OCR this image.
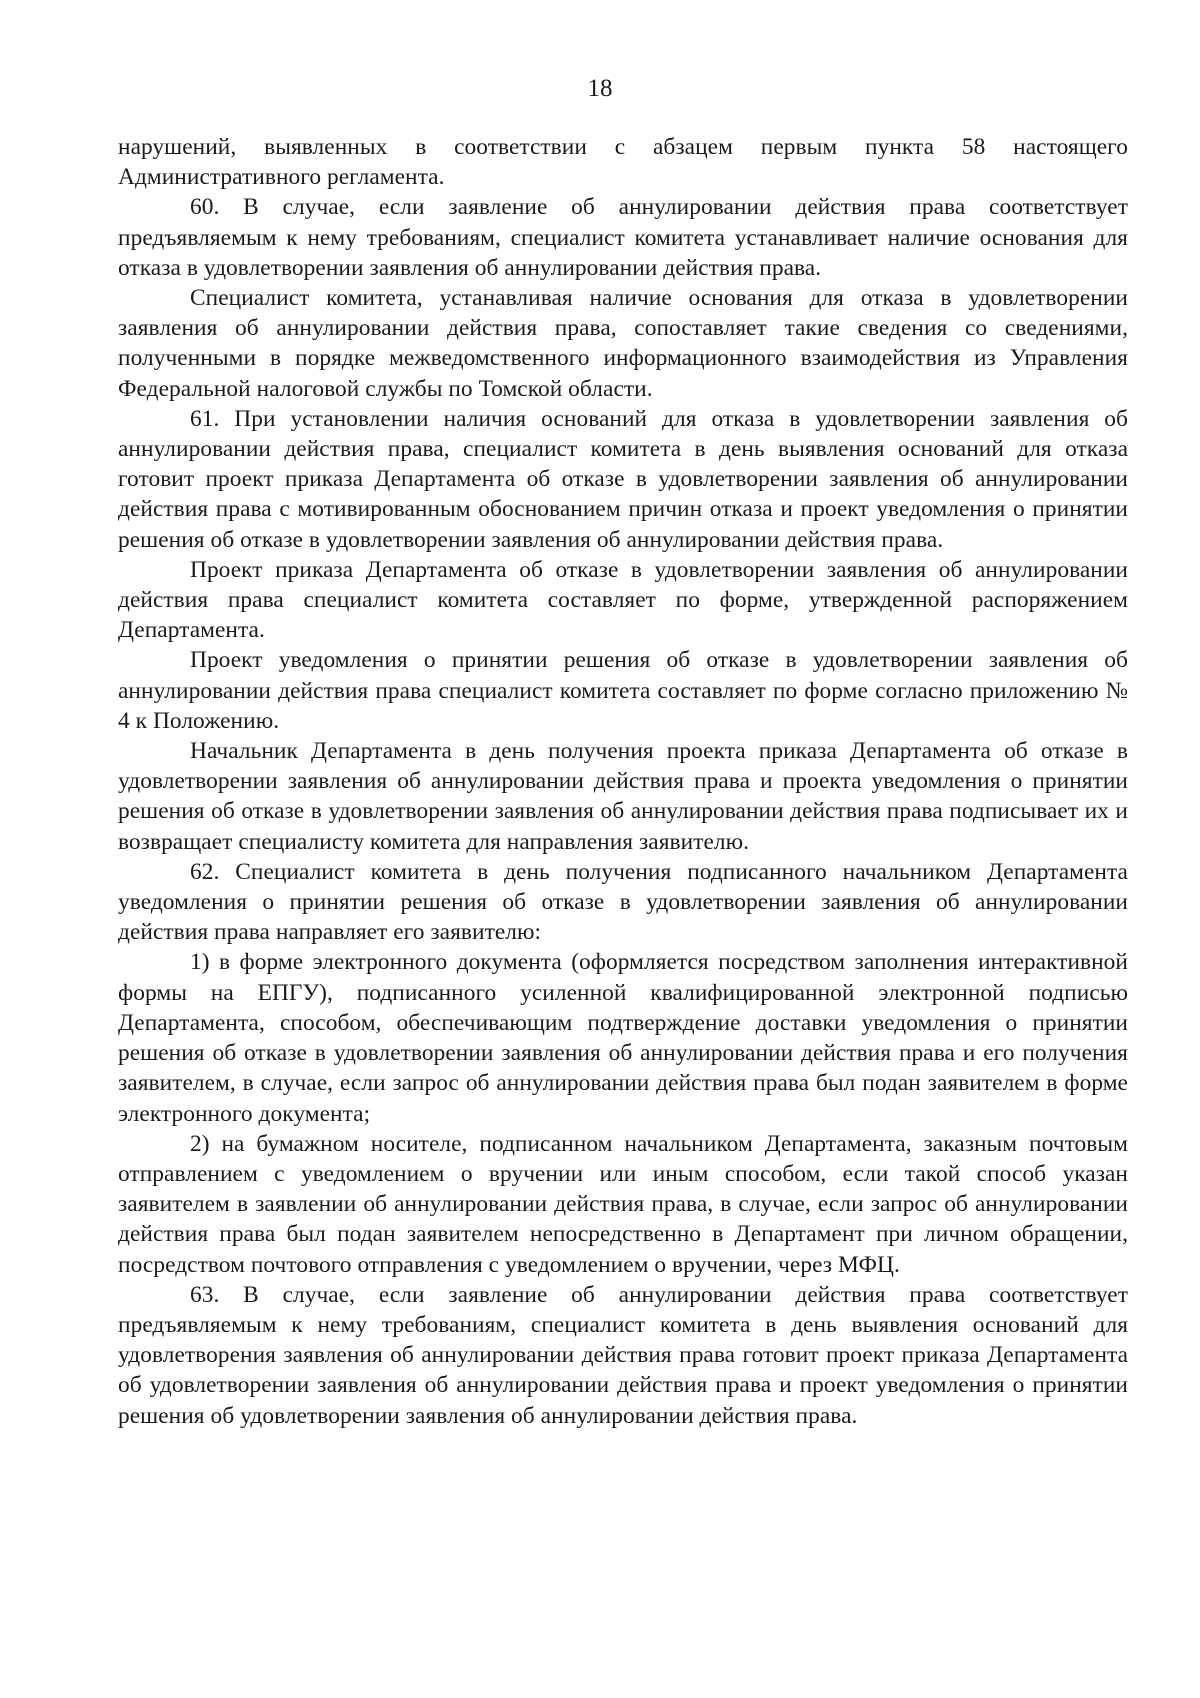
18

нарушений, выявленных в соответствии с абзацем первым пункта 58 настоящего Административного регламента.

60. В случае, если заявление об аннулировании действия права соответствует предъявляемым к нему требованиям, специалист комитета устанавливает наличие основания для отказа в удовлетворении заявления об аннулировании действия права.

Специалист комитета, устанавливая наличие основания для отказа в удовлетворении заявления об аннулировании действия права, сопоставляет такие сведения со сведениями, полученными в порядке межведомственного информационного взаимодействия из Управления Федеральной налоговой службы по Томской области.

61. При установлении наличия оснований для отказа в удовлетворении заявления об аннулировании действия права, специалист комитета в день выявления оснований для отказа готовит проект приказа Департамента об отказе в удовлетворении заявления об аннулировании действия права с мотивированным обоснованием причин отказа и проект уведомления о принятии решения об отказе в удовлетворении заявления об аннулировании действия права.

Проект приказа Департамента об отказе в удовлетворении заявления об аннулировании действия права специалист комитета составляет по форме, утвержденной распоряжением Департамента.

Проект уведомления о принятии решения об отказе в удовлетворении заявления об аннулировании действия права специалист комитета составляет по форме согласно приложению № 4 к Положению.

Начальник Департамента в день получения проекта приказа Департамента об отказе в удовлетворении заявления об аннулировании действия права и проекта уведомления о принятии решения об отказе в удовлетворении заявления об аннулировании действия права подписывает их и возвращает специалисту комитета для направления заявителю.

62. Специалист комитета в день получения подписанного начальником Департамента уведомления о принятии решения об отказе в удовлетворении заявления об аннулировании действия права направляет его заявителю:

1) в форме электронного документа (оформляется посредством заполнения интерактивной формы на ЕПГУ), подписанного усиленной квалифицированной электронной подписью Департамента, способом, обеспечивающим подтверждение доставки уведомления о принятии решения об отказе в удовлетворении заявления об аннулировании действия права и его получения заявителем, в случае, если запрос об аннулировании действия права был подан заявителем в форме электронного документа;

2) на бумажном носителе, подписанном начальником Департамента, заказным почтовым отправлением с уведомлением о вручении или иным способом, если такой способ указан заявителем в заявлении об аннулировании действия права, в случае, если запрос об аннулировании действия права был подан заявителем непосредственно в Департамент при личном обращении, посредством почтового отправления с уведомлением о вручении, через МФЦ.

63. В случае, если заявление об аннулировании действия права соответствует предъявляемым к нему требованиям, специалист комитета в день выявления оснований для удовлетворения заявления об аннулировании действия права готовит проект приказа Департамента об удовлетворении заявления об аннулировании действия права и проект уведомления о принятии решения об удовлетворении заявления об аннулировании действия права.
